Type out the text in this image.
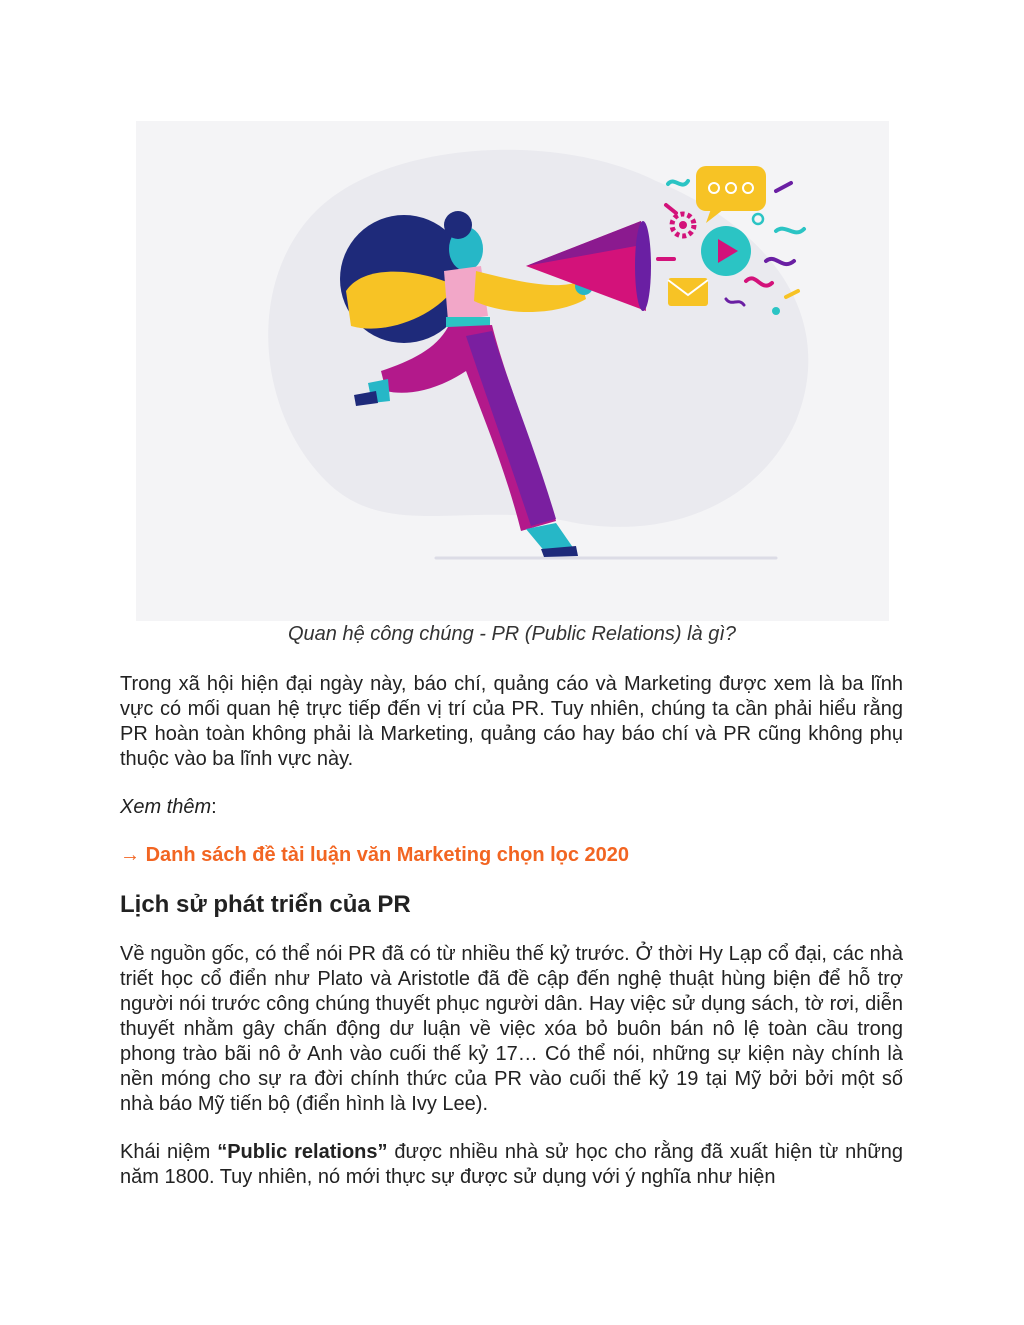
Quan hệ công chúng - PR (Public Relations) là gì?

Trong xã hội hiện đại ngày này, báo chí, quảng cáo và Marketing được xem là ba lĩnh vực có mối quan hệ trực tiếp đến vị trí của PR. Tuy nhiên, chúng ta cần phải hiểu rằng PR hoàn toàn không phải là Marketing, quảng cáo hay báo chí và PR cũng không phụ thuộc vào ba lĩnh vực này.

Xem thêm:

→ Danh sách đề tài luận văn Marketing chọn lọc 2020

Lịch sử phát triển của PR

Về nguồn gốc, có thể nói PR đã có từ nhiều thế kỷ trước. Ở thời Hy Lạp cổ đại, các nhà triết học cổ điển như Plato và Aristotle đã đề cập đến nghệ thuật hùng biện để hỗ trợ người nói trước công chúng thuyết phục người dân. Hay việc sử dụng sách, tờ rơi, diễn thuyết nhằm gây chấn động dư luận về việc xóa bỏ buôn bán nô lệ toàn cầu trong phong trào bãi nô ở Anh vào cuối thế kỷ 17… Có thể nói, những sự kiện này chính là nền móng cho sự ra đời chính thức của PR vào cuối thế kỷ 19 tại Mỹ bởi bởi một số nhà báo Mỹ tiến bộ (điển hình là Ivy Lee).

Khái niệm “Public relations” được nhiều nhà sử học cho rằng đã xuất hiện từ những năm 1800. Tuy nhiên, nó mới thực sự được sử dụng với ý nghĩa như hiện
